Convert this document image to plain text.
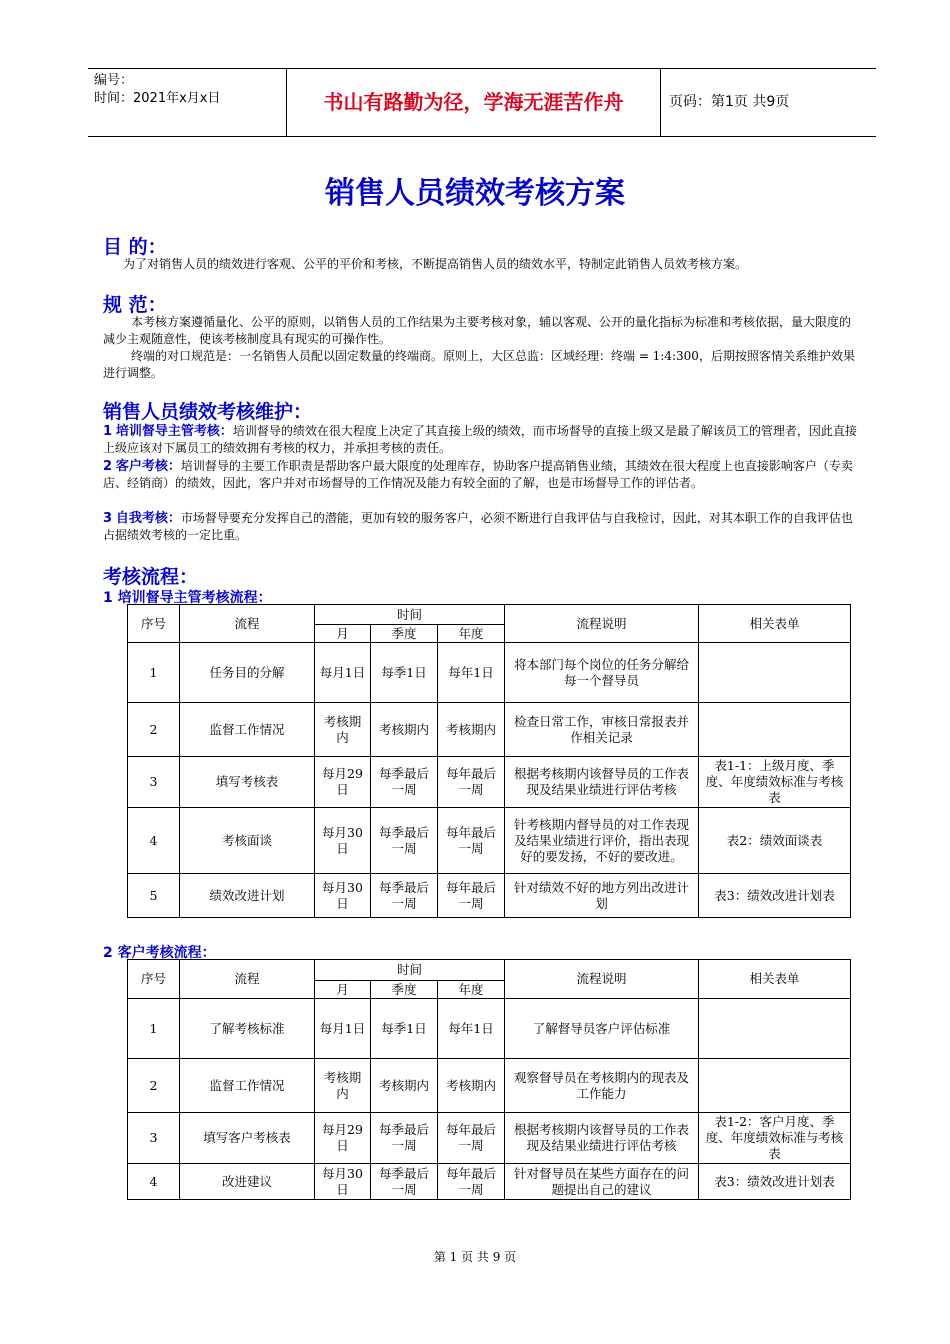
编号：
时间：2021年x月x日	书山有路勤为径，学海无涯苦作舟	页码：第1页 共9页
销售人员绩效考核方案
目 的：
为了对销售人员的绩效进行客观、公平的平价和考核，不断提高销售人员的绩效水平，特制定此销售人员效考核方案。
规 范：
本考核方案遵循量化、公平的原则，以销售人员的工作结果为主要考核对象，辅以客观、公开的量化指标为标准和考核依据，量大限度的减少主观随意性，使该考核制度具有现实的可操作性。
终端的对口规范是：一名销售人员配以固定数量的终端商。原则上，大区总监：区域经理：终端 = 1:4:300，后期按照客情关系维护效果进行调整。
销售人员绩效考核维护：
1 培训督导主管考核：培训督导的绩效在很大程度上决定了其直接上级的绩效，而市场督导的直接上级又是最了解该员工的管理者，因此直接上级应该对下属员工的绩效拥有考核的权力，并承担考核的责任。
2 客户考核：培训督导的主要工作职责是帮助客户最大限度的处理库存，协助客户提高销售业绩，其绩效在很大程度上也直接影响客户（专卖店、经销商）的绩效，因此，客户并对市场督导的工作情况及能力有较全面的了解，也是市场督导工作的评估者。
3 自我考核：市场督导要充分发挥自己的潜能，更加有较的服务客户，必须不断进行自我评估与自我检讨，因此，对其本职工作的自我评估也占据绩效考核的一定比重。
考核流程：
1 培训督导主管考核流程：
序号	流程	时间			流程说明	相关表单
		月	季度	年度		
1	任务目的分解	每月1日	每季1日	每年1日	将本部门每个岗位的任务分解给每一个督导员	
2	监督工作情况	考核期内	考核期内	考核期内	检查日常工作，审核日常报表并作相关记录	
3	填写考核表	每月29日	每季最后一周	每年最后一周	根据考核期内该督导员的工作表现及结果业绩进行评估考核	表1-1：上级月度、季度、年度绩效标准与考核表
4	考核面谈	每月30日	每季最后一周	每年最后一周	针考核期内督导员的对工作表现及结果业绩进行评价，指出表现好的要发扬，不好的要改进。	表2：绩效面谈表
5	绩效改进计划	每月30日	每季最后一周	每年最后一周	针对绩效不好的地方列出改进计划	表3：绩效改进计划表
2 客户考核流程：
序号	流程	时间			流程说明	相关表单
		月	季度	年度		
1	了解考核标准	每月1日	每季1日	每年1日	了解督导员客户评估标准	
2	监督工作情况	考核期内	考核期内	考核期内	观察督导员在考核期内的现表及工作能力	
3	填写客户考核表	每月29日	每季最后一周	每年最后一周	根据考核期内该督导员的工作表现及结果业绩进行评估考核	表1-2：客户月度、季度、年度绩效标准与考核表
4	改进建议	每月30日	每季最后一周	每年最后一周	针对督导员在某些方面存在的问题提出自己的建议	表3：绩效改进计划表
第 1 页 共 9 页
